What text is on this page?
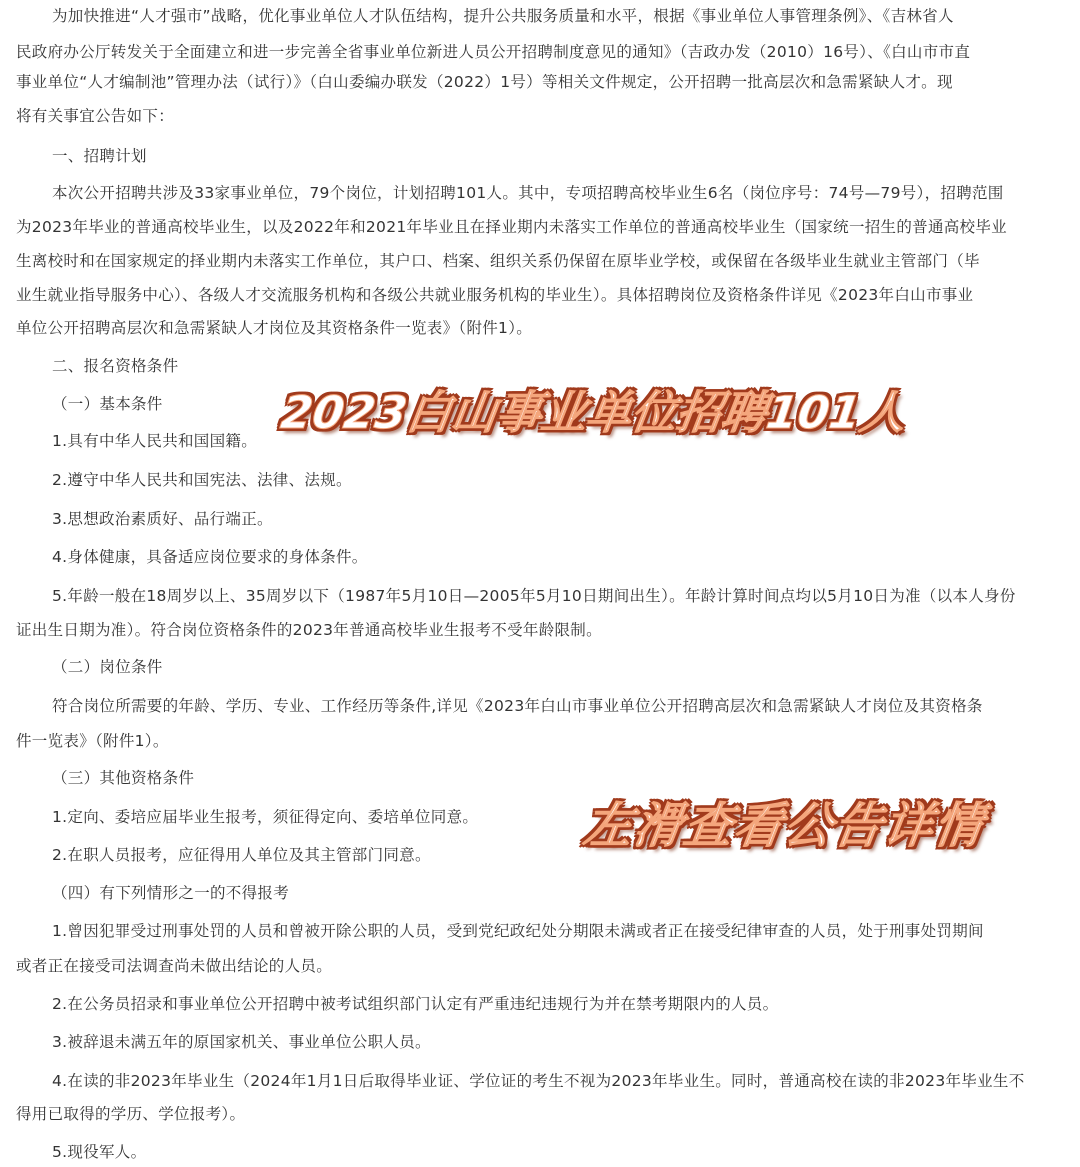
为加快推进“人才强市”战略，优化事业单位人才队伍结构，提升公共服务质量和水平，根据《事业单位人事管理条例》、《吉林省人
民政府办公厅转发关于全面建立和进一步完善全省事业单位新进人员公开招聘制度意见的通知》（吉政办发（2010）16号）、《白山市市直
事业单位“人才编制池”管理办法（试行）》（白山委编办联发（2022）1号）等相关文件规定，公开招聘一批高层次和急需紧缺人才。现
将有关事宜公告如下：
一、招聘计划
本次公开招聘共涉及33家事业单位，79个岗位，计划招聘101人。其中，专项招聘高校毕业生6名（岗位序号：74号—79号），招聘范围
为2023年毕业的普通高校毕业生，以及2022年和2021年毕业且在择业期内未落实工作单位的普通高校毕业生（国家统一招生的普通高校毕业
生离校时和在国家规定的择业期内未落实工作单位，其户口、档案、组织关系仍保留在原毕业学校，或保留在各级毕业生就业主管部门（毕
业生就业指导服务中心）、各级人才交流服务机构和各级公共就业服务机构的毕业生）。具体招聘岗位及资格条件详见《2023年白山市事业
单位公开招聘高层次和急需紧缺人才岗位及其资格条件一览表》（附件1）。
二、报名资格条件
（一）基本条件
1.具有中华人民共和国国籍。
2.遵守中华人民共和国宪法、法律、法规。
3.思想政治素质好、品行端正。
4.身体健康，具备适应岗位要求的身体条件。
5.年龄一般在18周岁以上、35周岁以下（1987年5月10日—2005年5月10日期间出生）。年龄计算时间点均以5月10日为准（以本人身份
证出生日期为准）。符合岗位资格条件的2023年普通高校毕业生报考不受年龄限制。
（二）岗位条件
符合岗位所需要的年龄、学历、专业、工作经历等条件,详见《2023年白山市事业单位公开招聘高层次和急需紧缺人才岗位及其资格条
件一览表》（附件1）。
（三）其他资格条件
1.定向、委培应届毕业生报考，须征得定向、委培单位同意。
2.在职人员报考，应征得用人单位及其主管部门同意。
（四）有下列情形之一的不得报考
1.曾因犯罪受过刑事处罚的人员和曾被开除公职的人员，受到党纪政纪处分期限未满或者正在接受纪律审查的人员，处于刑事处罚期间
或者正在接受司法调查尚未做出结论的人员。
2.在公务员招录和事业单位公开招聘中被考试组织部门认定有严重违纪违规行为并在禁考期限内的人员。
3.被辞退未满五年的原国家机关、事业单位公职人员。
4.在读的非2023年毕业生（2024年1月1日后取得毕业证、学位证的考生不视为2023年毕业生。同时，普通高校在读的非2023年毕业生不
得用已取得的学历、学位报考）。
5.现役军人。
2023白山事业单位招聘101人
左滑查看公告详情
